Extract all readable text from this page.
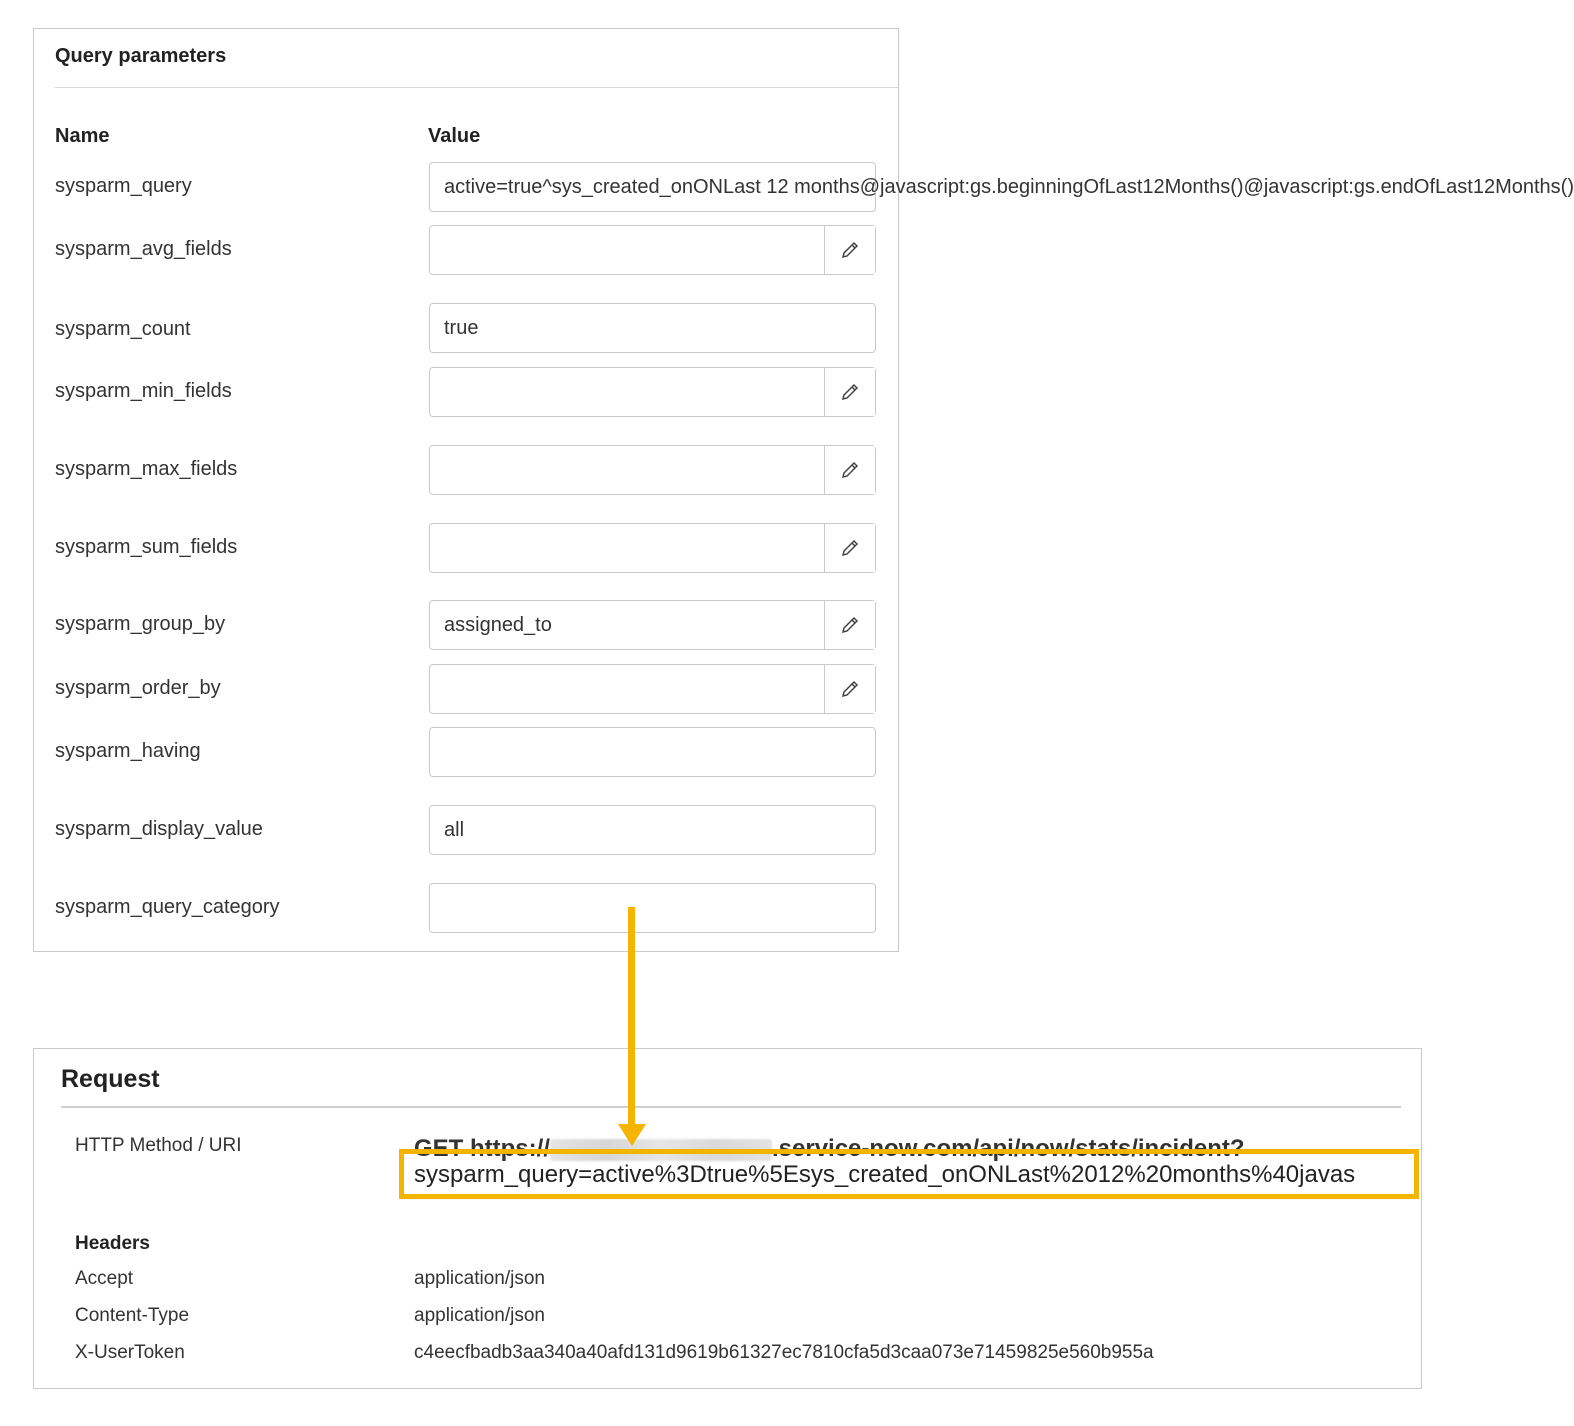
Query parameters
Name	Value
sysparm_query	active=true^sys_created_onONLast 12 months@javascript:gs.beginningOfLast12Months()@javascript:gs.endOfLast12Months()
sysparm_avg_fields
sysparm_count	true
sysparm_min_fields
sysparm_max_fields
sysparm_sum_fields
sysparm_group_by	assigned_to
sysparm_order_by
sysparm_having
sysparm_display_value	all
sysparm_query_category
Request
HTTP Method / URI	GET https://	.service-now.com/api/now/stats/incident?
sysparm_query=active%3Dtrue%5Esys_created_onONLast%2012%20months%40javas
Headers
Accept	application/json
Content-Type	application/json
X-UserToken	c4eecfbadb3aa340a40afd131d9619b61327ec7810cfa5d3caa073e71459825e560b955a
